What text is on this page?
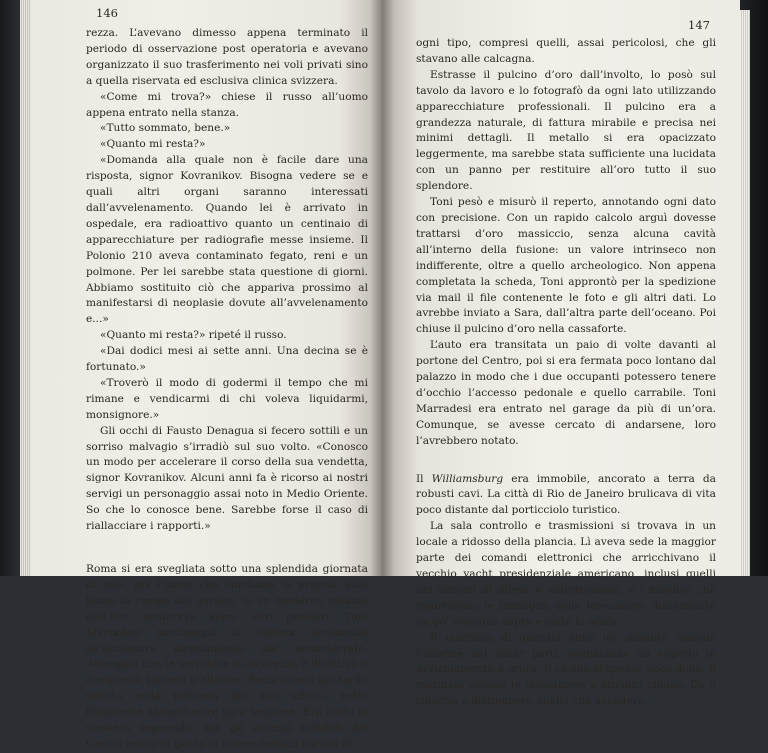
146

rezza. L’avevano dimesso appena terminato il periodo di osservazione post operatoria e avevano organizzato il suo trasferimento nei voli privati sino a quella riservata ed esclusiva clinica svizzera.

«Come mi trova?» chiese il russo all’uomo appena entrato nella stanza.

«Tutto sommato, bene.»

«Quanto mi resta?»

«Domanda alla quale non è facile dare una risposta, signor Kovranikov. Bisogna vedere se e quali altri organi saranno interessati dall’avvelenamento. Quando lei è arrivato in ospedale, era radioattivo quanto un centinaio di apparecchiature per radiografie messe insieme. Il Polonio 210 aveva contaminato fegato, reni e un polmone. Per lei sarebbe stata questione di giorni. Abbiamo sostituito ciò che appariva prossimo al manifestarsi di neoplasie dovute all’avvelenamento e...»

«Quanto mi resta?» ripeté il russo.

«Dai dodici mesi ai sette anni. Una decina se è fortunato.»

«Troverò il modo di godermi il tempo che mi rimane e vendicarmi di chi voleva liquidarmi, monsignore.»

Gli occhi di Fausto Denagua si fecero sottili e un sorriso malvagio s’irradiò sul suo volto. «Conosco un modo per accelerare il corso della sua vendetta, signor Kovranikov. Alcuni anni fa è ricorso ai nostri servigi un personaggio assai noto in Medio Oriente. So che lo conosce bene. Sarebbe forse il caso di riallacciare i rapporti.»

Roma si era svegliata sotto una splendida giornata di sole, ma l’uomo che condusse la propria auto lungo la rampa del garage, in un moderno palazzo dell’Eur, sembrava avere altri pensieri. Toni Marradesi parcheggiò la vettura accedendo all’ascensore direttamente dal seminterrato. Armeggiò con le serrature di sicurezza e disattivò il complesso sistema d’allarme. Pochi istanti più tardi, seduto nella poltrona del suo ufficio, potté finalmente abbandonare ogni tensione. Era certo lo stessero seguendo, ma gli accessi blindati del Centro erano in grado di tenere lontani curiosi di

147

ogni tipo, compresi quelli, assai pericolosi, che gli stavano alle calcagna.

Estrasse il pulcino d’oro dall’involto, lo posò sul tavolo da lavoro e lo fotografò da ogni lato utilizzando apparecchiature professionali. Il pulcino era a grandezza naturale, di fattura mirabile e precisa nei minimi dettagli. Il metallo si era opacizzato leggermente, ma sarebbe stata sufficiente una lucidata con un panno per restituire all’oro tutto il suo splendore.

Toni pesò e misurò il reperto, annotando ogni dato con precisione. Con un rapido calcolo arguì dovesse trattarsi d’oro massiccio, senza alcuna cavità all’interno della fusione: un valore intrinseco non indifferente, oltre a quello archeologico. Non appena completata la scheda, Toni approntò per la spedizione via mail il file contenente le foto e gli altri dati. Lo avrebbe inviato a Sara, dall’altra parte dell’oceano. Poi chiuse il pulcino d’oro nella cassaforte.

L’auto era transitata un paio di volte davanti al portone del Centro, poi si era fermata poco lontano dal palazzo in modo che i due occupanti potessero tenere d’occhio l’accesso pedonale e quello carrabile. Toni Marradesi era entrato nel garage da più di un’ora. Comunque, se avesse cercato di andarsene, loro l’avrebbero notato.

Il Williamsburg era immobile, ancorato a terra da robusti cavi. La città di Rio de Janeiro brulicava di vita poco distante dal porticciolo turistico.

La sala controllo e trasmissioni si trovava in un locale a ridosso della plancia. Lì aveva sede la maggior parte dei comandi elettronici che arricchivano il vecchio yacht presidenziale americano, inclusi quelli dei sistemi di difesa e antintrusione, e i monitor che riportavano le immagini delle telecamere disseminate un po’ ovunque sopra e sotto lo scafo.

Il marinaio di guardia ebbe un sussulto quando l’allarme del sonar partì, segnalando un oggetto in avvicinamento a prora. Il cicalio si spense poco dopo. Il marinaio visionò le telecamere a circuito chiuso. Da lì riusciva a distinguere quello che accadeva
